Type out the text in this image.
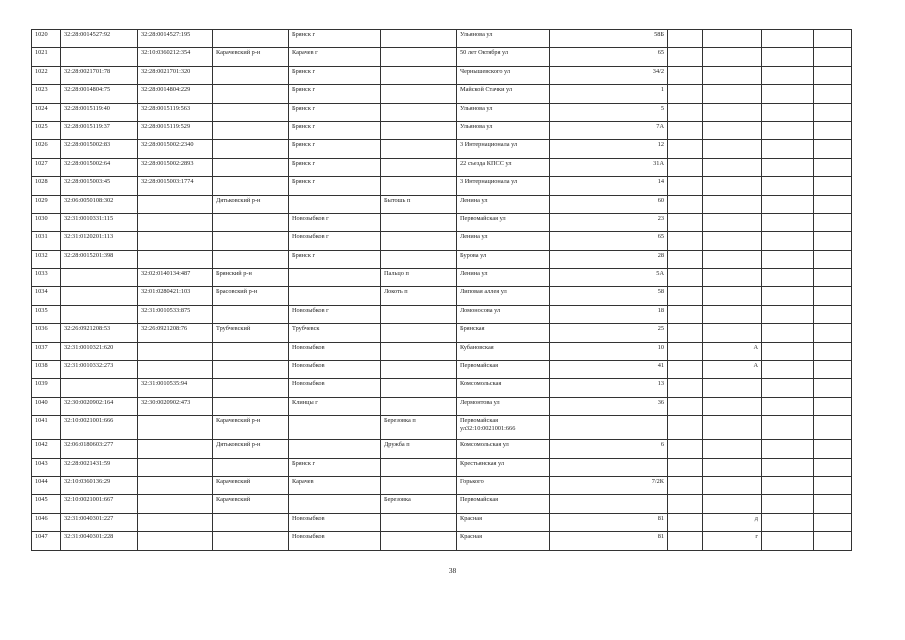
1020	32:28:0014527:92	32:28:0014527:195		Брянск г		Ульянова ул	58Б				
1021		32:10:0360212:354	Карачевский р-н	Карачев г		50 лет Октября ул	65				
1022	32:28:0021701:78	32:28:0021701:320		Брянск г		Чернышевского ул	34/2				
1023	32:28:0014804:75	32:28:0014804:229		Брянск г		Майской Стачки ул	1				
1024	32:28:0015119:40	32:28:0015119:563		Брянск г		Ульянова ул	5				
1025	32:28:0015119:37	32:28:0015119:529		Брянск г		Ульянова ул	7А				
1026	32:28:0015002:83	32:28:0015002:2340		Брянск г		3 Интернационала ул	12				
1027	32:28:0015002:64	32:28:0015002:2893		Брянск г		22 съезда КПСС ул	31А				
1028	32:28:0015003:45	32:28:0015003:1774		Брянск г		3 Интернационала ул	14				
1029	32:06:0050108:302		Дятьковский р-н		Бытошь п	Ленина ул	60				
1030	32:31:0010331:115			Новозыбков г		Первомайская ул	23				
1031	32:31:0120201:113			Новозыбков г		Ленина ул	65				
1032	32:28:0015201:398			Брянск г		Бурова ул	28				
1033		32:02:0140134:487	Брянский р-н		Пальцо п	Ленина ул	5А				
1034		32:01:0280421:103	Брасовский р-н		Локоть п	Липовая аллея ул	58				
1035		32:31:0010533:875		Новозыбков г		Ломоносова ул	18				
1036	32:26:0921208:53	32:26:0921208:76	Трубчевский	Трубчевск		Брянская	25				
1037	32:31:0010321:620			Новозыбков		Кубановская	10		А		
1038	32:31:0010332:273			Новозыбков		Первомайская	41		А		
1039		32:31:0010535:94		Новозыбков		Комсомольская	13				
1040	32:30:0020902:164	32:30:0020902:473		Клинцы г		Лермонтова ул	36				
1041	32:10:0021001:666		Карачевский р-н		Березовка п	Первомайская ул32:10:0021001:666					
1042	32:06:0180603:277		Дятьковский р-н		Дружба п	Комсомольская ул	6				
1043	32:28:0021431:59			Брянск г		Крестьянская ул					
1044	32:10:0360136:29		Карачевский	Карачев		Горького	7/2К				
1045	32:10:0021001:667		Карачевский		Березовка	Первомайская					
1046	32:31:0040301:227			Новозыбков		Красная	81		д		
1047	32:31:0040301:228			Новозыбков		Красная	81		г		
38
